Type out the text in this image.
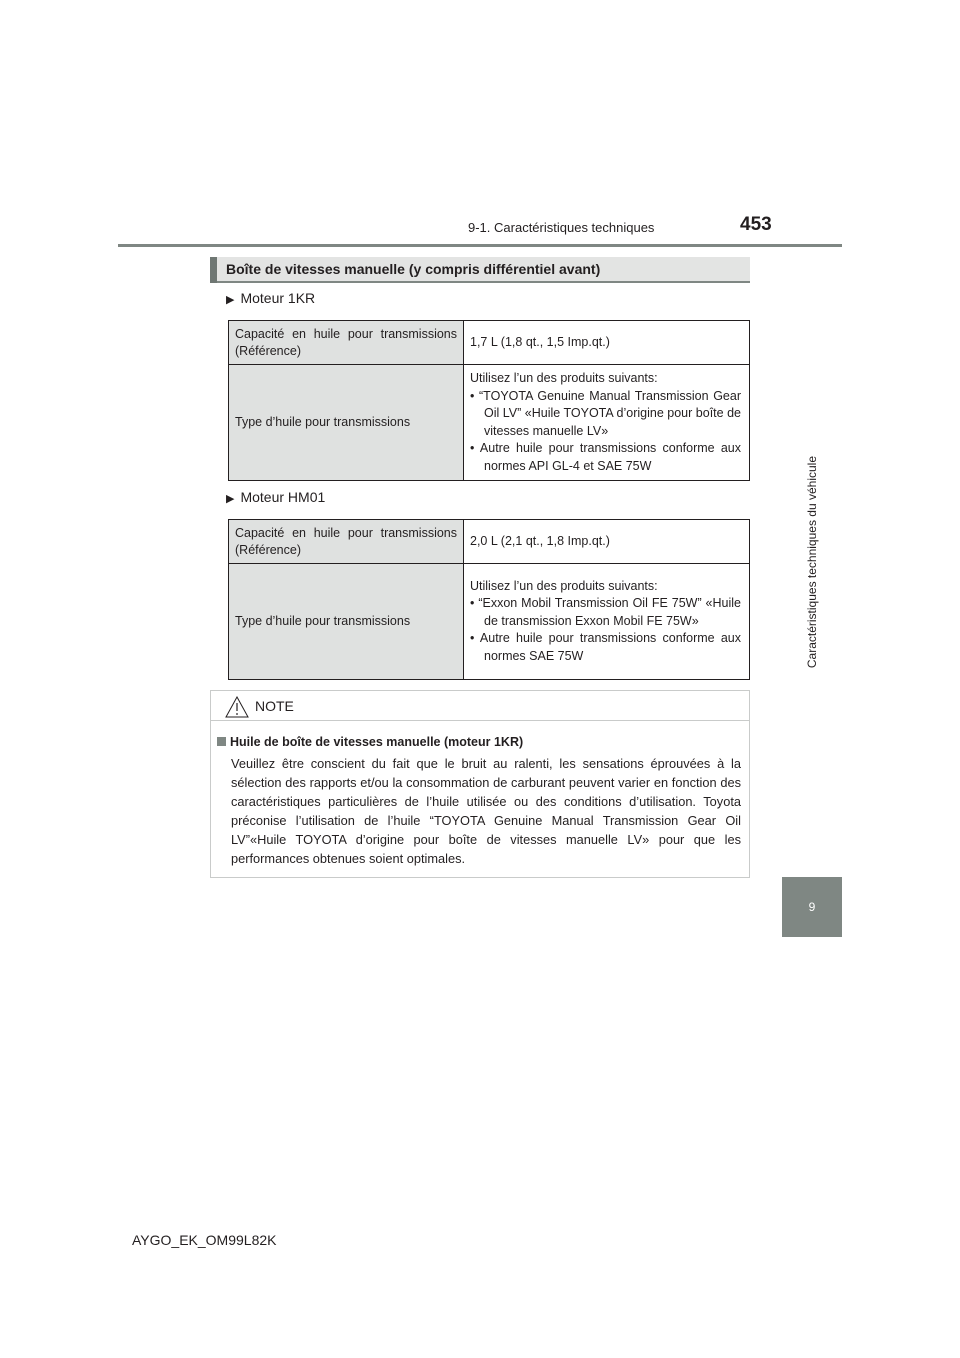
9-1. Caractéristiques techniques	453
Caractéristiques techniques du véhicule
9
Boîte de vitesses manuelle (y compris différentiel avant)
▶ Moteur 1KR
Capacité en huile pour transmissions (Référence)	1,7 L (1,8 qt., 1,5 Imp.qt.)
Type d’huile pour transmissions	Utilisez l’un des produits suivants:
• “TOYOTA Genuine Manual Transmission Gear Oil LV” «Huile TOYOTA d’origine pour boîte de vitesses manuelle LV»
• Autre huile pour transmissions conforme aux normes API GL-4 et SAE 75W
▶ Moteur HM01
Capacité en huile pour transmissions (Référence)	2,0 L (2,1 qt., 1,8 Imp.qt.)
Type d’huile pour transmissions	Utilisez l’un des produits suivants:
• “Exxon Mobil Transmission Oil FE 75W” «Huile de transmission Exxon Mobil FE 75W»
• Autre huile pour transmissions conforme aux normes SAE 75W
NOTE
Huile de boîte de vitesses manuelle (moteur 1KR)
Veuillez être conscient du fait que le bruit au ralenti, les sensations éprouvées à la sélection des rapports et/ou la consommation de carburant peuvent varier en fonction des caractéristiques particulières de l’huile utilisée ou des conditions d’utilisation. Toyota préconise l’utilisation de l’huile “TOYOTA Genuine Manual Transmission Gear Oil LV”«Huile TOYOTA d’origine pour boîte de vitesses manuelle LV» pour que les performances obtenues soient optimales.
AYGO_EK_OM99L82K
